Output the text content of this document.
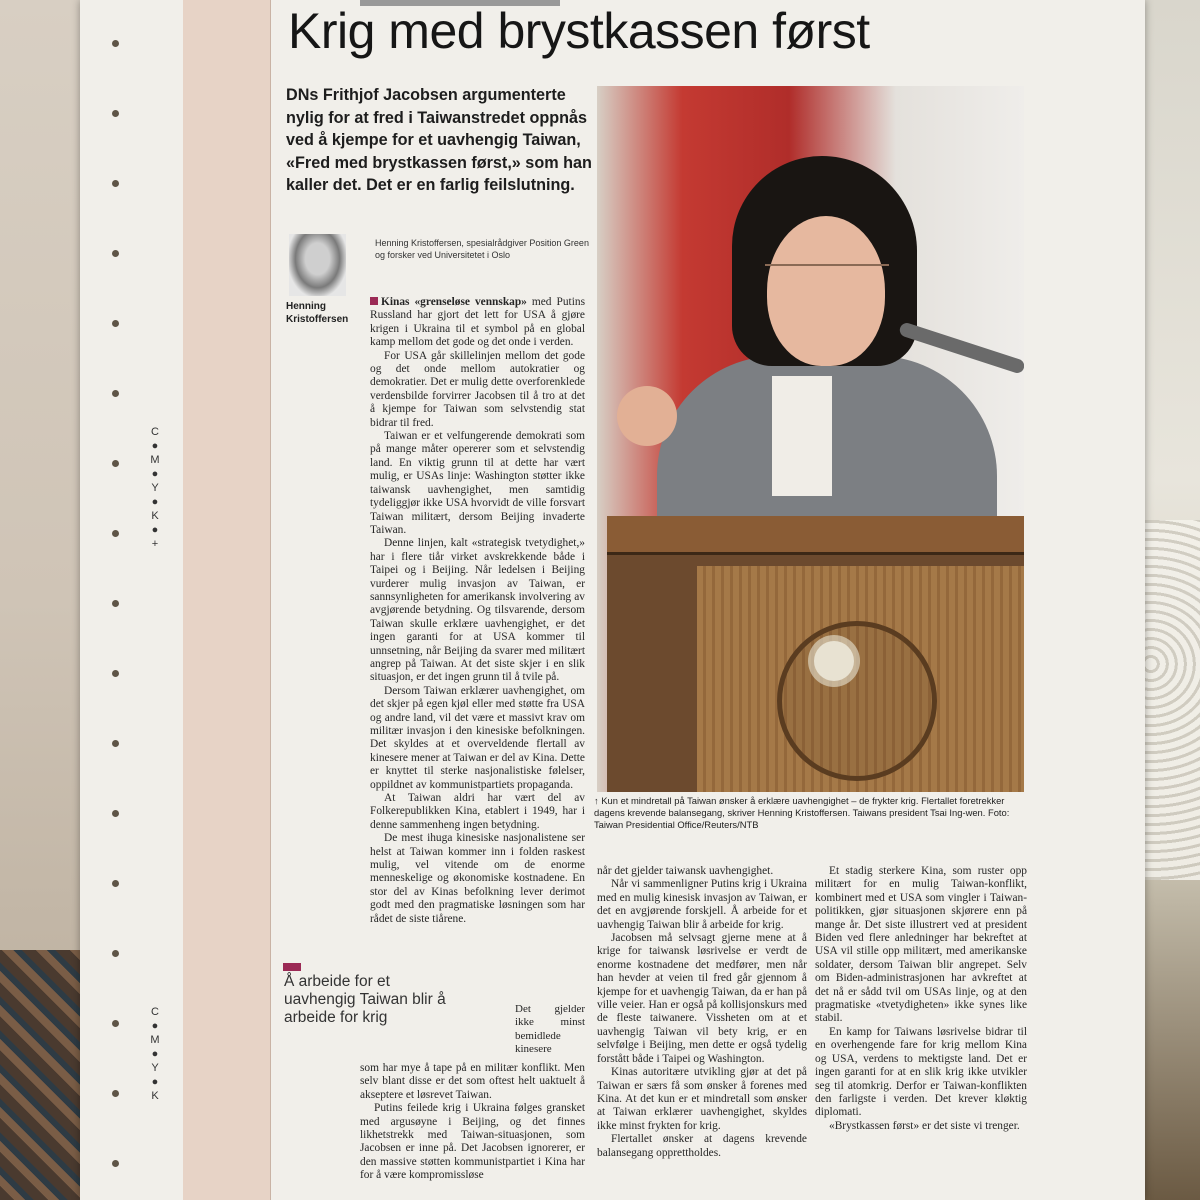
C
●
M
●
Y
●
K
●
+
C
●
M
●
Y
●
K
Krig med brystkassen først
DNs Frithjof Jacobsen argumenterte nylig for at fred i Taiwanstredet oppnås ved å kjempe for et uavhengig Taiwan, «Fred med brystkassen først,» som han kaller det. Det er en farlig feilslutning.
Henning Kristoffersen
Henning Kristoffersen, spesialrådgiver Position Green og forsker ved Universitetet i Oslo

Kinas «grenseløse vennskap» med Putins Russland har gjort det lett for USA å gjøre krigen i Ukraina til et symbol på en global kamp mellom det gode og det onde i verden.

For USA går skillelinjen mellom det gode og det onde mellom autokratier og demokratier. Det er mulig dette overforenklede verdensbilde forvirrer Jacobsen til å tro at det å kjempe for Taiwan som selvstendig stat bidrar til fred.

Taiwan er et velfungerende demokrati som på mange måter opererer som et selvstendig land. En viktig grunn til at dette har vært mulig, er USAs linje: Washington støtter ikke taiwansk uavhengighet, men samtidig tydeliggjør ikke USA hvorvidt de ville forsvart Taiwan militært, dersom Beijing invaderte Taiwan.

Denne linjen, kalt «strategisk tvetydighet,» har i flere tiår virket avskrekkende både i Taipei og i Beijing. Når ledelsen i Beijing vurderer mulig invasjon av Taiwan, er sannsynligheten for amerikansk involvering av avgjørende betydning. Og tilsvarende, dersom Taiwan skulle erklære uavhengighet, er det ingen garanti for at USA kommer til unnsetning, når Beijing da svarer med militært angrep på Taiwan. At det siste skjer i en slik situasjon, er det ingen grunn til å tvile på.

Dersom Taiwan erklærer uavhengighet, om det skjer på egen kjøl eller med støtte fra USA og andre land, vil det være et massivt krav om militær invasjon i den kinesiske befolkningen. Det skyldes at et overveldende flertall av kinesere mener at Taiwan er del av Kina. Dette er knyttet til sterke nasjonalistiske følelser, oppildnet av kommunistpartiets propaganda.

At Taiwan aldri har vært del av Folkerepublikken Kina, etablert i 1949, har i denne sammenheng ingen betydning.

De mest ihuga kinesiske nasjonalistene ser helst at Taiwan kommer inn i folden raskest mulig, vel vitende om de enorme menneskelige og økonomiske kostnadene. En stor del av Kinas befolkning lever derimot godt med den pragmatiske løsningen som har rådet de siste tiårene.

Det gjelder ikke minst bemidlede kinesere

som har mye å tape på en militær konflikt. Men selv blant disse er det som oftest helt uaktuelt å akseptere et løsrevet Taiwan.

Putins feilede krig i Ukraina følges gransket med argusøyne i Beijing, og det finnes likhetstrekk med Taiwan-situasjonen, som Jacobsen er inne på. Det Jacobsen ignorerer, er den massive støtten kommunistpartiet i Kina har for å være kompromissløse

Å arbeide for et uavhengig Taiwan blir å arbeide for krig
↑ Kun et mindretall på Taiwan ønsker å erklære uavhengighet – de frykter krig. Flertallet foretrekker dagens krevende balansegang, skriver Henning Kristoffersen. Taiwans president Tsai Ing-wen. Foto: Taiwan Presidential Office/Reuters/NTB

når det gjelder taiwansk uavhengighet.

Når vi sammenligner Putins krig i Ukraina med en mulig kinesisk invasjon av Taiwan, er det en avgjørende forskjell. Å arbeide for et uavhengig Taiwan blir å arbeide for krig.

Jacobsen må selvsagt gjerne mene at å krige for taiwansk løsrivelse er verdt de enorme kostnadene det medfører, men når han hevder at veien til fred går gjennom å kjempe for et uavhengig Taiwan, da er han på ville veier. Han er også på kollisjonskurs med de fleste taiwanere. Vissheten om at et uavhengig Taiwan vil bety krig, er en selvfølge i Beijing, men dette er også tydelig forstått både i Taipei og Washington.

Kinas autoritære utvikling gjør at det på Taiwan er særs få som ønsker å forenes med Kina. At det kun er et mindretall som ønsker at Taiwan erklærer uavhengighet, skyldes ikke minst frykten for krig.

Flertallet ønsker at dagens krevende balansegang opprettholdes.

Et stadig sterkere Kina, som ruster opp militært for en mulig Taiwan-konflikt, kombinert med et USA som vingler i Taiwan-politikken, gjør situasjonen skjørere enn på mange år. Det siste illustrert ved at president Biden ved flere anledninger har bekreftet at USA vil stille opp militært, med amerikanske soldater, dersom Taiwan blir angrepet. Selv om Biden-administrasjonen har avkreftet at det nå er sådd tvil om USAs linje, og at den pragmatiske «tvetydigheten» ikke synes like stabil.

En kamp for Taiwans løsrivelse bidrar til en overhengende fare for krig mellom Kina og USA, verdens to mektigste land. Det er ingen garanti for at en slik krig ikke utvikler seg til atomkrig. Derfor er Taiwan-konflikten den farligste i verden. Det krever kløktig diplomati.

«Brystkassen først» er det siste vi trenger.
